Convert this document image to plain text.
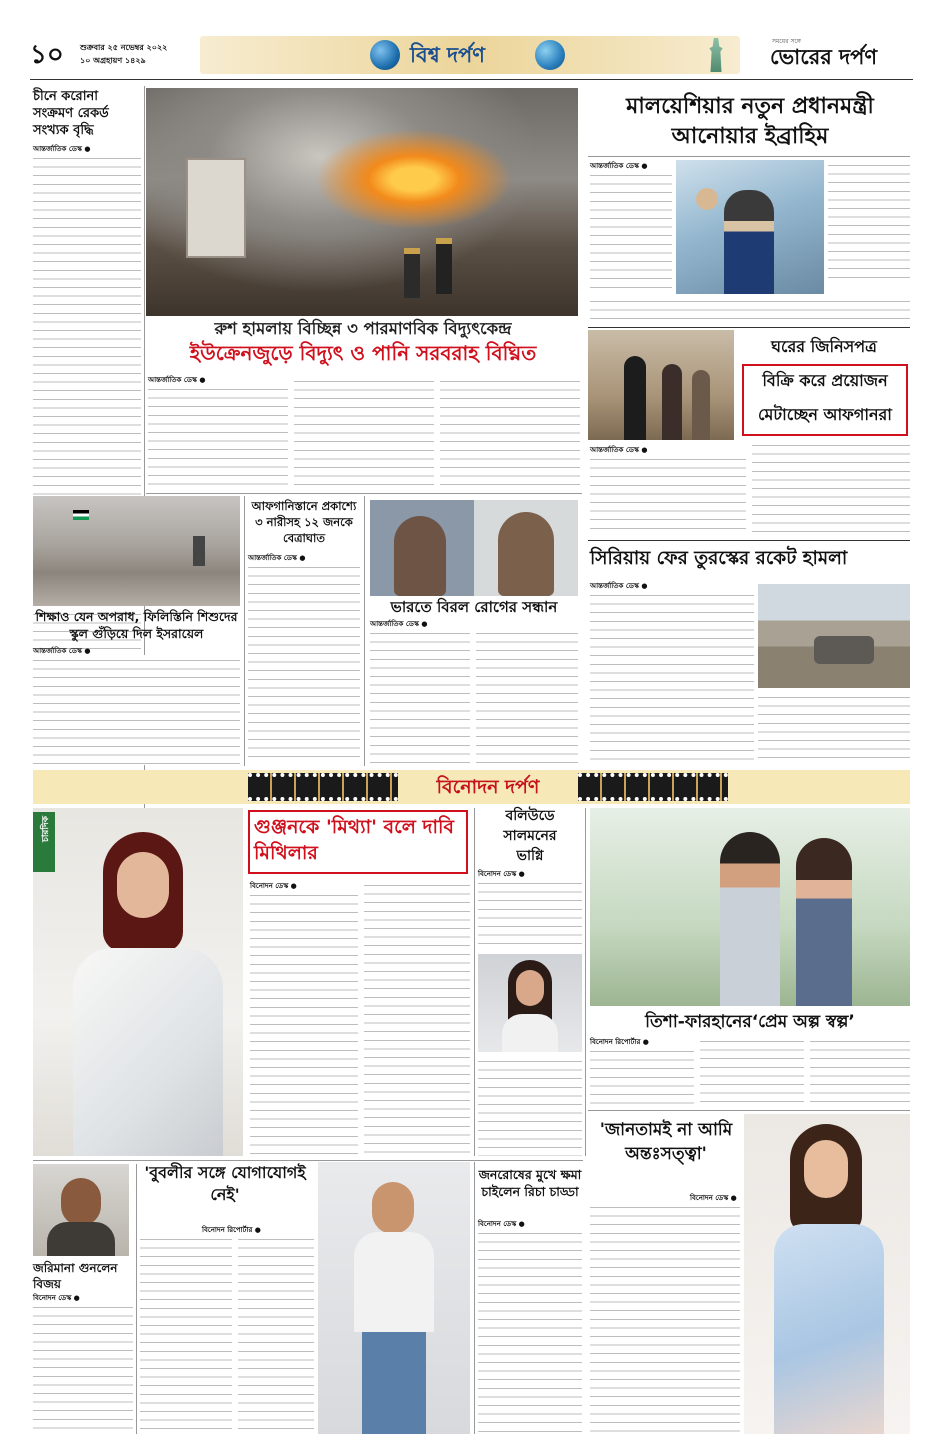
১০	শুক্রবার ২৫ নভেম্বর ২০২২
১০ অগ্রহায়ণ ১৪২৯	বিশ্ব দর্পণ
সময়ের সঙ্গে
ভোরের দর্পণ
চীনে করোনা সংক্রমণ রেকর্ড সংখ্যক বৃদ্ধি
আন্তর্জাতিক ডেস্ক ●
মালয়েশিয়ার নতুন প্রধানমন্ত্রী আনোয়ার ইব্রাহিম
আন্তর্জাতিক ডেস্ক ●
রুশ হামলায় বিচ্ছিন্ন ৩ পারমাণবিক বিদ্যুৎকেন্দ্র
ইউক্রেনজুড়ে বিদ্যুৎ ও পানি সরবরাহ বিঘ্নিত
আন্তর্জাতিক ডেস্ক ●
ঘরের জিনিসপত্র
বিক্রি করে প্রয়োজন
মেটাচ্ছেন আফগানরা
আন্তর্জাতিক ডেস্ক ●
শিক্ষাও যেন অপরাধ, ফিলিস্তিনি শিশুদের স্কুল গুঁড়িয়ে দিল ইসরায়েল
আন্তর্জাতিক ডেস্ক ●
আফগানিস্তানে প্রকাশ্যে ৩ নারীসহ ১২ জনকে বেত্রাঘাত
আন্তর্জাতিক ডেস্ক ●
ভারতে বিরল রোগের সন্ধান
আন্তর্জাতিক ডেস্ক ●
সিরিয়ায় ফের তুরস্কের রকেট হামলা
আন্তর্জাতিক ডেস্ক ●
বিনোদন দর্পণ
চারদিক	গুঞ্জনকে 'মিথ্যা' বলে দাবি মিথিলার
বিনোদন ডেস্ক ●
বলিউডে সালমনের ভাগ্নি
বিনোদন ডেস্ক ●
তিশা-ফারহানের‘প্রেম অল্প স্বল্প’
বিনোদন রিপোর্টার ●
'জানতামই না আমি অন্তঃসত্ত্বা'
বিনোদন ডেস্ক ●
'বুবলীর সঙ্গে যোগাযোগই নেই'
বিনোদন রিপোর্টার ●
জরিমানা গুনলেন বিজয়
বিনোদন ডেস্ক ●
জনরোষের মুখে ক্ষমা চাইলেন রিচা চাড্ডা
বিনোদন ডেস্ক ●
